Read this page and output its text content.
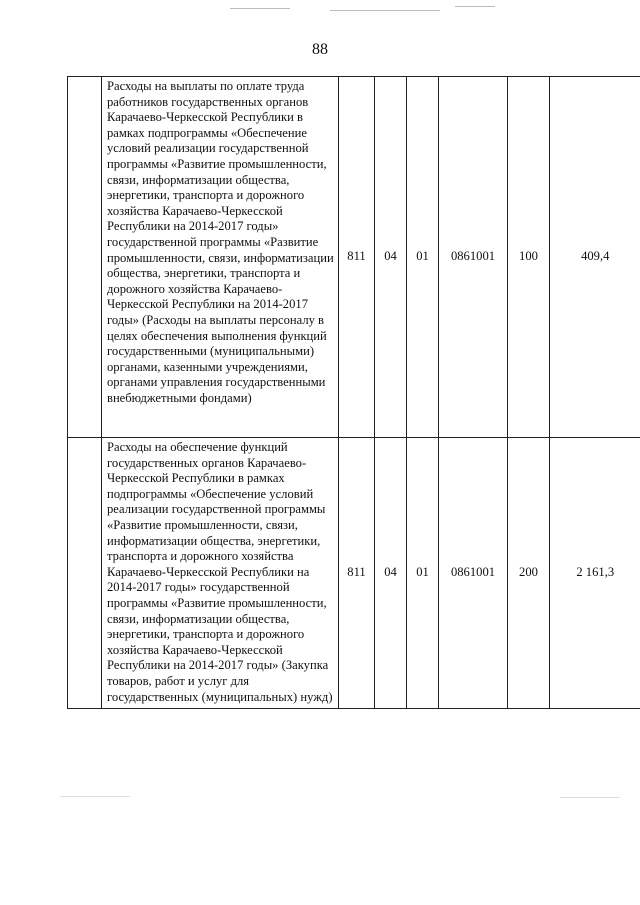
88
	Расходы на выплаты по оплате труда работников государственных органов Карачаево-Черкесской Республики в рамках подпрограммы «Обеспечение условий реализации государственной программы «Развитие промышленности, связи, информатизации общества, энергетики, транспорта и дорожного хозяйства Карачаево-Черкесской Республики на 2014-2017 годы» государственной программы «Развитие промышленности, связи, информатизации общества, энергетики, транспорта и дорожного хозяйства Карачаево-Черкесской Республики на 2014-2017 годы» (Расходы на выплаты персоналу в целях обеспечения выполнения функций государственными (муниципальными) органами, казенными учреждениями, органами управления государственными внебюджетными фондами)	811	04	01	0861001	100	409,4
	Расходы на обеспечение функций государственных органов Карачаево-Черкесской Республики в рамках подпрограммы «Обеспечение условий реализации государственной программы «Развитие промышленности, связи, информатизации общества, энергетики, транспорта и дорожного хозяйства Карачаево-Черкесской Республики на 2014-2017 годы» государственной программы «Развитие промышленности, связи, информатизации общества, энергетики, транспорта и дорожного хозяйства Карачаево-Черкесской Республики на 2014-2017 годы» (Закупка товаров, работ и услуг для государственных (муниципальных) нужд)	811	04	01	0861001	200	2 161,3
